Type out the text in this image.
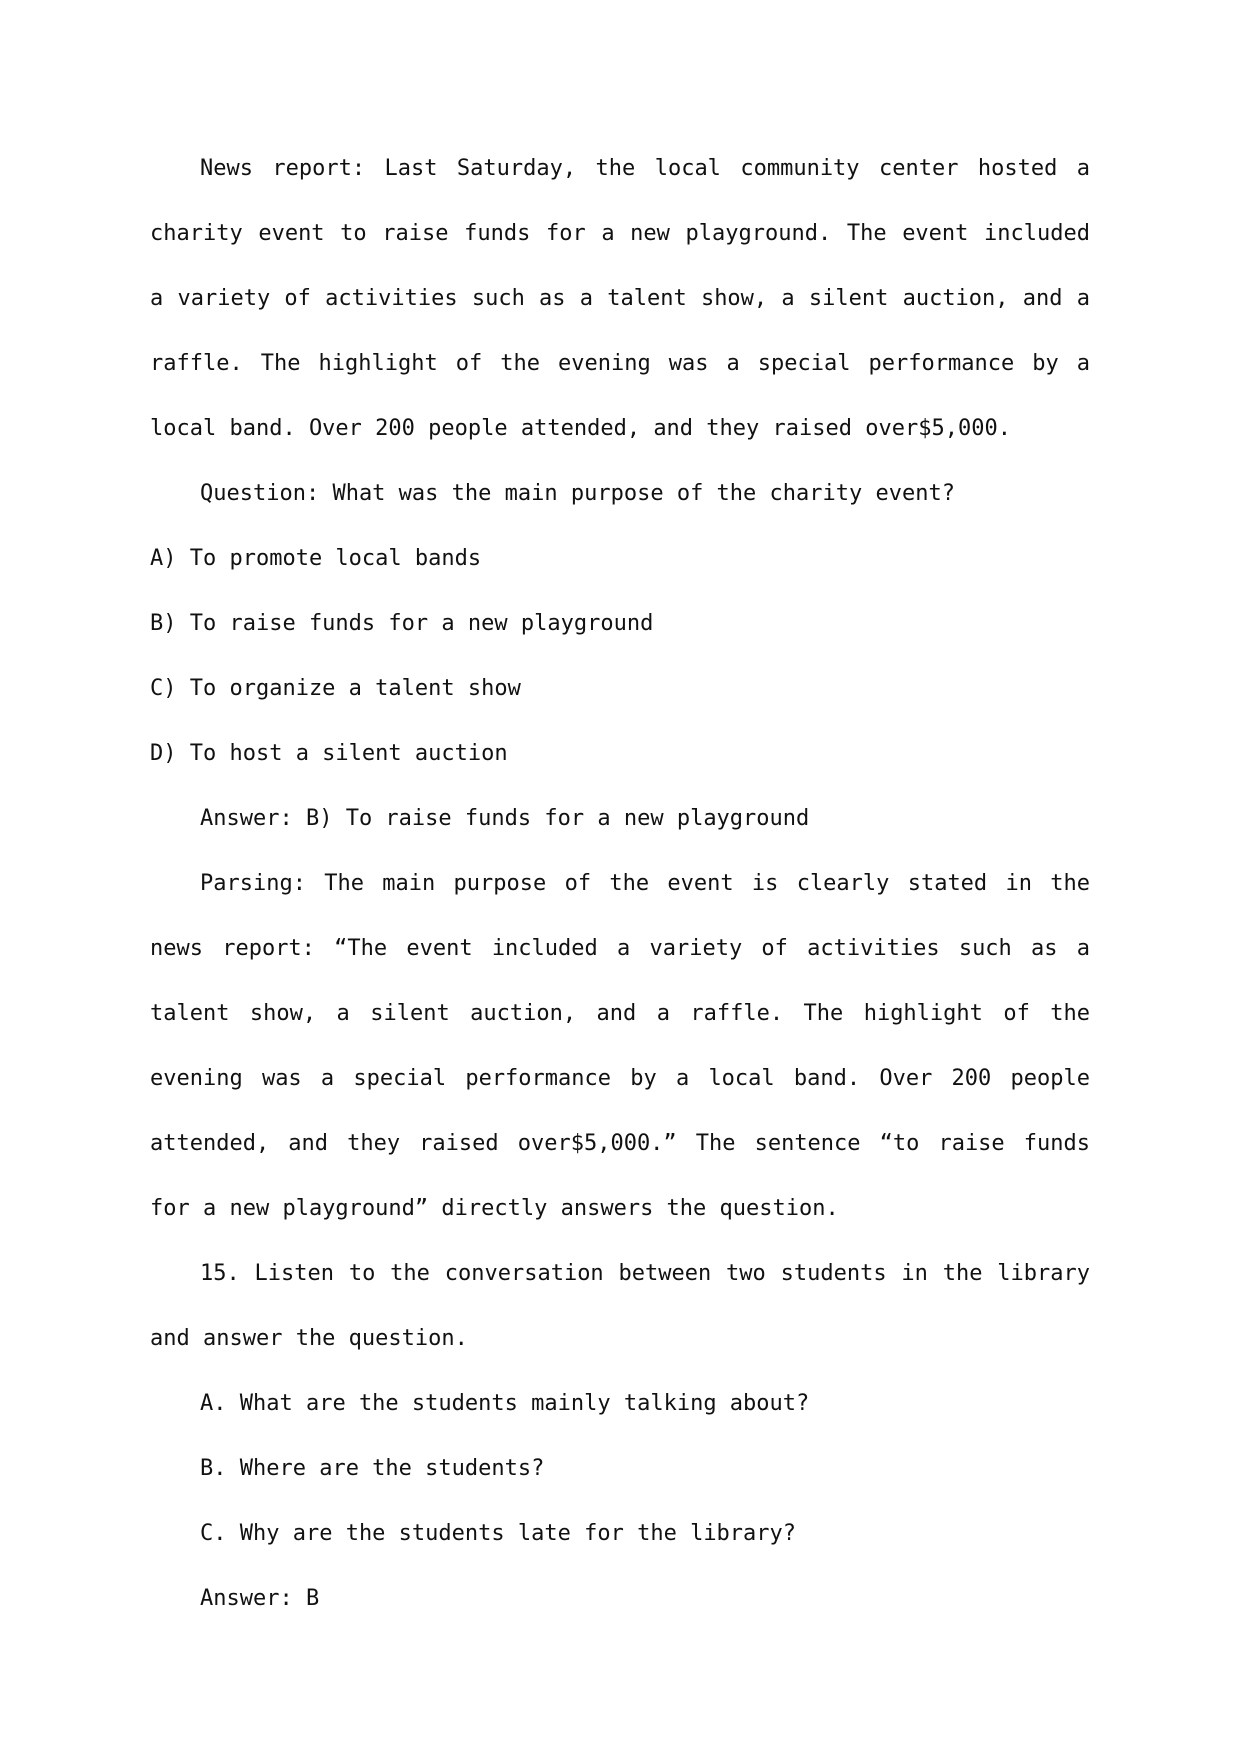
News report: Last Saturday, the local community center hosted a charity event to raise funds for a new playground. The event included a variety of activities such as a talent show, a silent auction, and a raffle. The highlight of the evening was a special performance by a local band. Over 200 people attended, and they raised over$5,000.

Question: What was the main purpose of the charity event?

A) To promote local bands

B) To raise funds for a new playground

C) To organize a talent show

D) To host a silent auction

Answer: B) To raise funds for a new playground

Parsing: The main purpose of the event is clearly stated in the news report: “The event included a variety of activities such as a talent show, a silent auction, and a raffle. The highlight of the evening was a special performance by a local band. Over 200 people attended, and they raised over$5,000.” The sentence “to raise funds for a new playground” directly answers the question.

15. Listen to the conversation between two students in the library and answer the question.

A. What are the students mainly talking about?

B. Where are the students?

C. Why are the students late for the library?

Answer: B
